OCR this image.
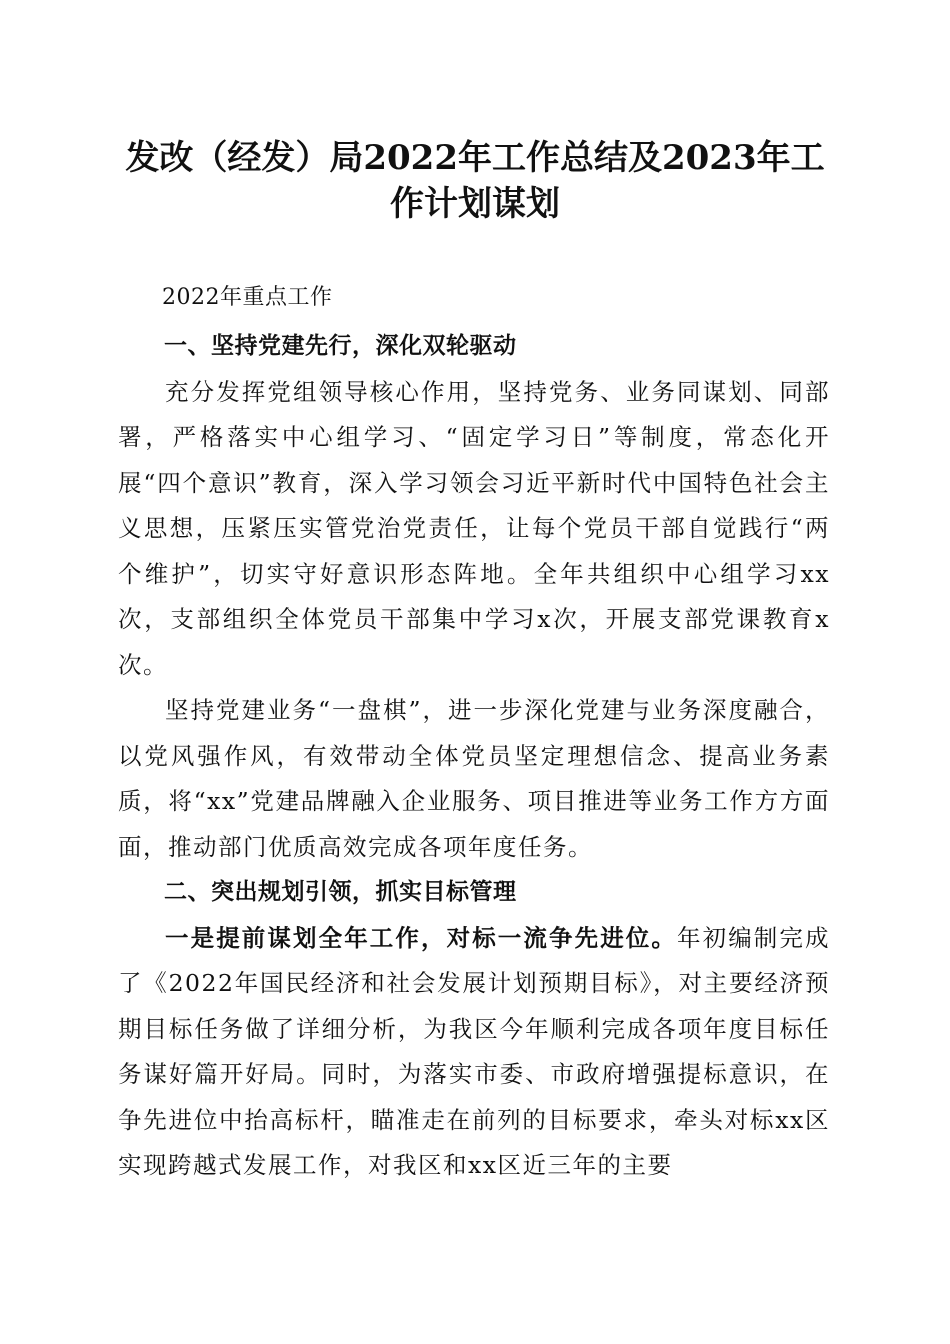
发改（经发）局2022年工作总结及2023年工
作计划谋划

2022年重点工作

一、坚持党建先行，深化双轮驱动

充分发挥党组领导核心作用，坚持党务、业务同谋划、同部署，严格落实中心组学习、“固定学习日”等制度，常态化开展“四个意识”教育，深入学习领会习近平新时代中国特色社会主义思想，压紧压实管党治党责任，让每个党员干部自觉践行“两个维护”，切实守好意识形态阵地。全年共组织中心组学习xx次，支部组织全体党员干部集中学习x次，开展支部党课教育x次。

坚持党建业务“一盘棋”，进一步深化党建与业务深度融合，以党风强作风，有效带动全体党员坚定理想信念、提高业务素质，将“xx”党建品牌融入企业服务、项目推进等业务工作方方面面，推动部门优质高效完成各项年度任务。

二、突出规划引领，抓实目标管理

一是提前谋划全年工作，对标一流争先进位。年初编制完成了《2022年国民经济和社会发展计划预期目标》，对主要经济预期目标任务做了详细分析，为我区今年顺利完成各项年度目标任务谋好篇开好局。同时，为落实市委、市政府增强提标意识，在争先进位中抬高标杆，瞄准走在前列的目标要求，牵头对标xx区实现跨越式发展工作，对我区和xx区近三年的主要
